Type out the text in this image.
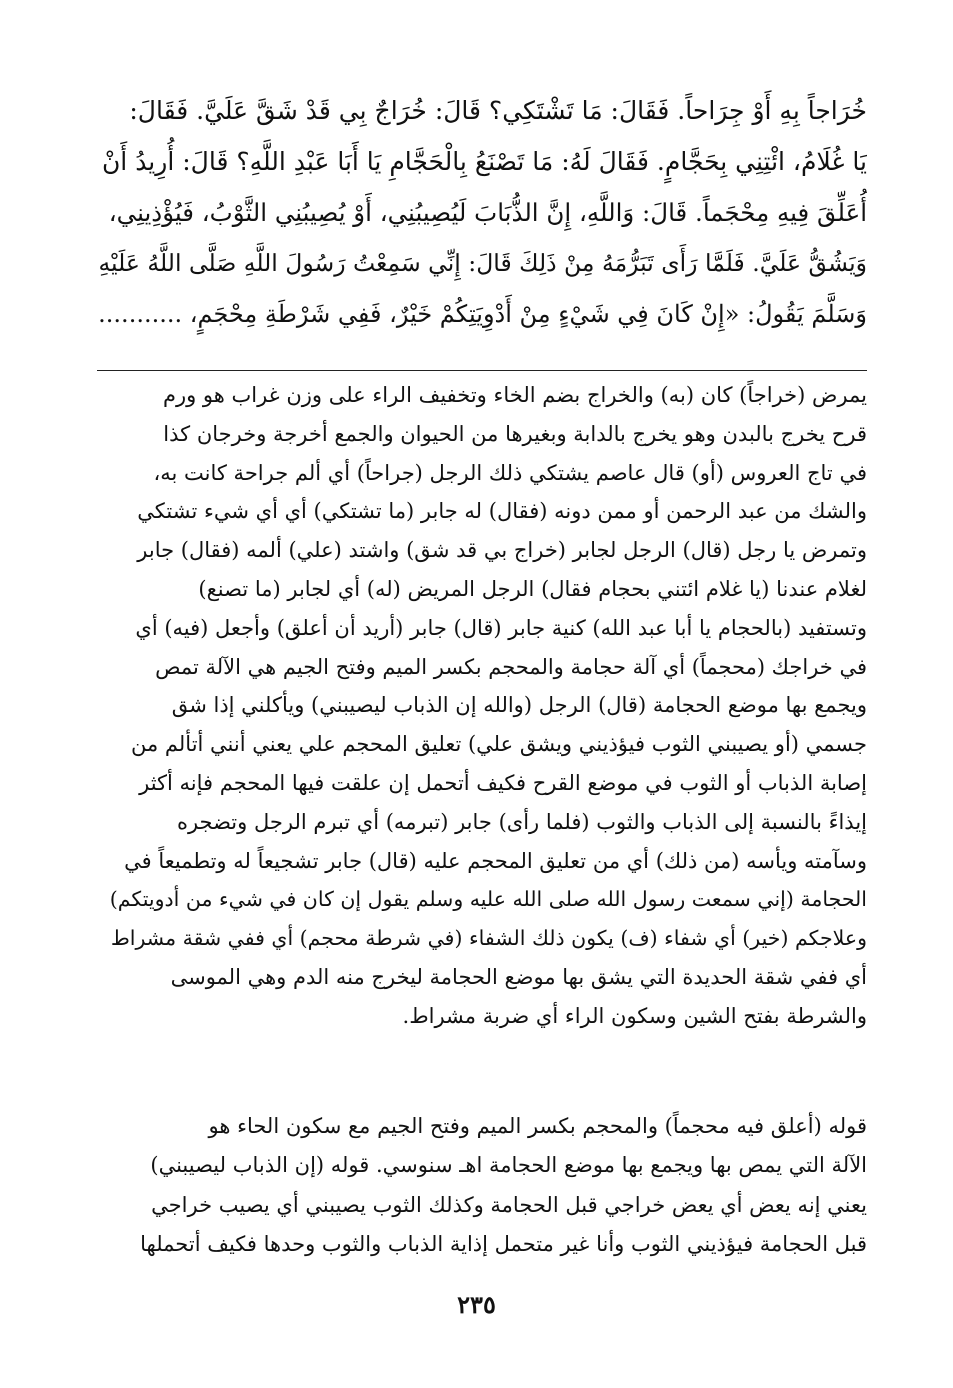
خُرَاجاً بِهِ أَوْ جِرَاحاً. فَقَالَ: مَا تَشْتَكِي؟ قَالَ: خُرَاجٌ بِي قَدْ شَقَّ عَلَيَّ. فَقَالَ:
يَا غُلَامُ، ائْتِنِي بِحَجَّامٍ. فَقَالَ لَهُ: مَا تَصْنَعُ بِالْحَجَّامِ يَا أَبَا عَبْدِ اللَّهِ؟ قَالَ: أُرِيدُ أَنْ
أُعَلِّقَ فِيهِ مِحْجَماً. قَالَ: وَاللَّهِ، إِنَّ الذُّبَابَ لَيُصِيبُنِي، أَوْ يُصِيبُنِي الثَّوْبُ، فَيُؤْذِينِي،
وَيَشُقُّ عَلَيَّ. فَلَمَّا رَأَى تَبَرُّمَهُ مِنْ ذَلِكَ قَالَ: إِنِّي سَمِعْتُ رَسُولَ اللَّهِ صَلَّى اللَّهُ عَلَيْهِ
وَسَلَّمَ يَقُولُ: «إِنْ كَانَ فِي شَيْءٍ مِنْ أَدْوِيَتِكُمْ خَيْرٌ، فَفِي شَرْطَةِ مِحْجَمٍ، ...........
يمرض (خراجاً) كان (به) والخراج بضم الخاء وتخفيف الراء على وزن غراب هو ورم
قرح يخرج بالبدن وهو يخرج بالدابة وبغيرها من الحيوان والجمع أخرجة وخرجان كذا
في تاج العروس (أو) قال عاصم يشتكي ذلك الرجل (جراحاً) أي ألم جراحة كانت به،
والشك من عبد الرحمن أو ممن دونه (فقال) له جابر (ما تشتكي) أي أي شيء تشتكي
وتمرض يا رجل (قال) الرجل لجابر (خراج بي قد شق) واشتد (علي) ألمه (فقال) جابر
لغلام عندنا (يا غلام ائتني بحجام فقال) الرجل المريض (له) أي لجابر (ما تصنع)
وتستفيد (بالحجام يا أبا عبد الله) كنية جابر (قال) جابر (أريد أن أعلق) وأجعل (فيه) أي
في خراجك (محجماً) أي آلة حجامة والمحجم بكسر الميم وفتح الجيم هي الآلة تمص
ويجمع بها موضع الحجامة (قال) الرجل (والله إن الذباب ليصيبني) ويأكلني إذا شق
جسمي (أو يصيبني الثوب فيؤذيني ويشق علي) تعليق المحجم علي يعني أنني أتألم من
إصابة الذباب أو الثوب في موضع القرح فكيف أتحمل إن علقت فيها المحجم فإنه أكثر
إيذاءً بالنسبة إلى الذباب والثوب (فلما رأى) جابر (تبرمه) أي تبرم الرجل وتضجره
وسآمته ويأسه (من ذلك) أي من تعليق المحجم عليه (قال) جابر تشجيعاً له وتطميعاً في
الحجامة (إني سمعت رسول الله صلى الله عليه وسلم يقول إن كان في شيء من أدويتكم)
وعلاجكم (خير) أي شفاء (ف) يكون ذلك الشفاء (في شرطة محجم) أي ففي شقة مشراط
أي ففي شقة الحديدة التي يشق بها موضع الحجامة ليخرج منه الدم وهي الموسى
والشرطة بفتح الشين وسكون الراء أي ضربة مشراط.
قوله (أعلق فيه محجماً) والمحجم بكسر الميم وفتح الجيم مع سكون الحاء هو
الآلة التي يمص بها ويجمع بها موضع الحجامة اهـ سنوسي. قوله (إن الذباب ليصيبني)
يعني إنه يعض أي يعض خراجي قبل الحجامة وكذلك الثوب يصيبني أي يصيب خراجي
قبل الحجامة فيؤذيني الثوب وأنا غير متحمل إذاية الذباب والثوب وحدها فكيف أتحملها
٢٣٥
